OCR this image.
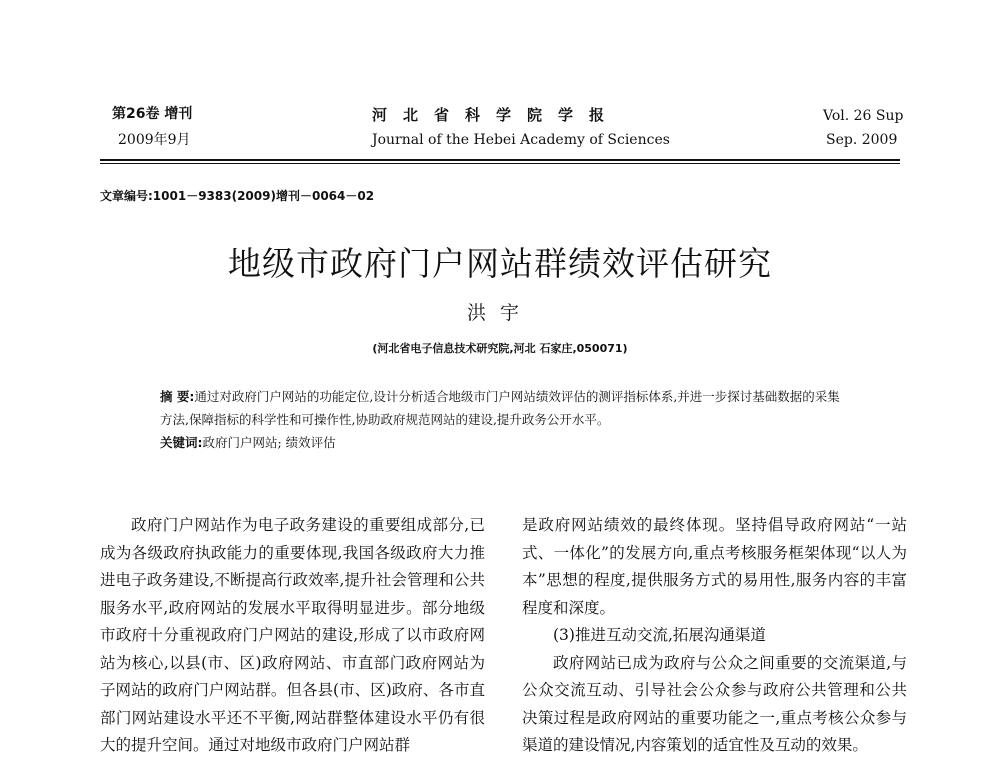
第26卷 增刊
2009年9月
河北省科学院学报
Journal of the Hebei Academy of Sciences
Vol. 26 Sup
Sep. 2009
文章编号:1001－9383(2009)增刊－0064－02
地级市政府门户网站群绩效评估研究
洪宇
(河北省电子信息技术研究院,河北 石家庄,050071)
摘 要:通过对政府门户网站的功能定位,设计分析适合地级市门户网站绩效评估的测评指标体系,并进一步探讨基础数据的采集方法,保障指标的科学性和可操作性,协助政府规范网站的建设,提升政务公开水平。
关键词:政府门户网站; 绩效评估

政府门户网站作为电子政务建设的重要组成部分,已成为各级政府执政能力的重要体现,我国各级政府大力推进电子政务建设,不断提高行政效率,提升社会管理和公共服务水平,政府网站的发展水平取得明显进步。部分地级市政府十分重视政府门户网站的建设,形成了以市政府网站为核心,以县(市、区)政府网站、市直部门政府网站为子网站的政府门户网站群。但各县(市、区)政府、各市直部门网站建设水平还不平衡,网站群整体建设水平仍有很大的提升空间。通过对地级市政府门户网站群

是政府网站绩效的最终体现。坚持倡导政府网站“一站式、一体化”的发展方向,重点考核服务框架体现“以人为本”思想的程度,提供服务方式的易用性,服务内容的丰富程度和深度。

(3)推进互动交流,拓展沟通渠道

政府网站已成为政府与公众之间重要的交流渠道,与公众交流互动、引导社会公众参与政府公共管理和公共决策过程是政府网站的重要功能之一,重点考核公众参与渠道的建设情况,内容策划的适宜性及互动的效果。
